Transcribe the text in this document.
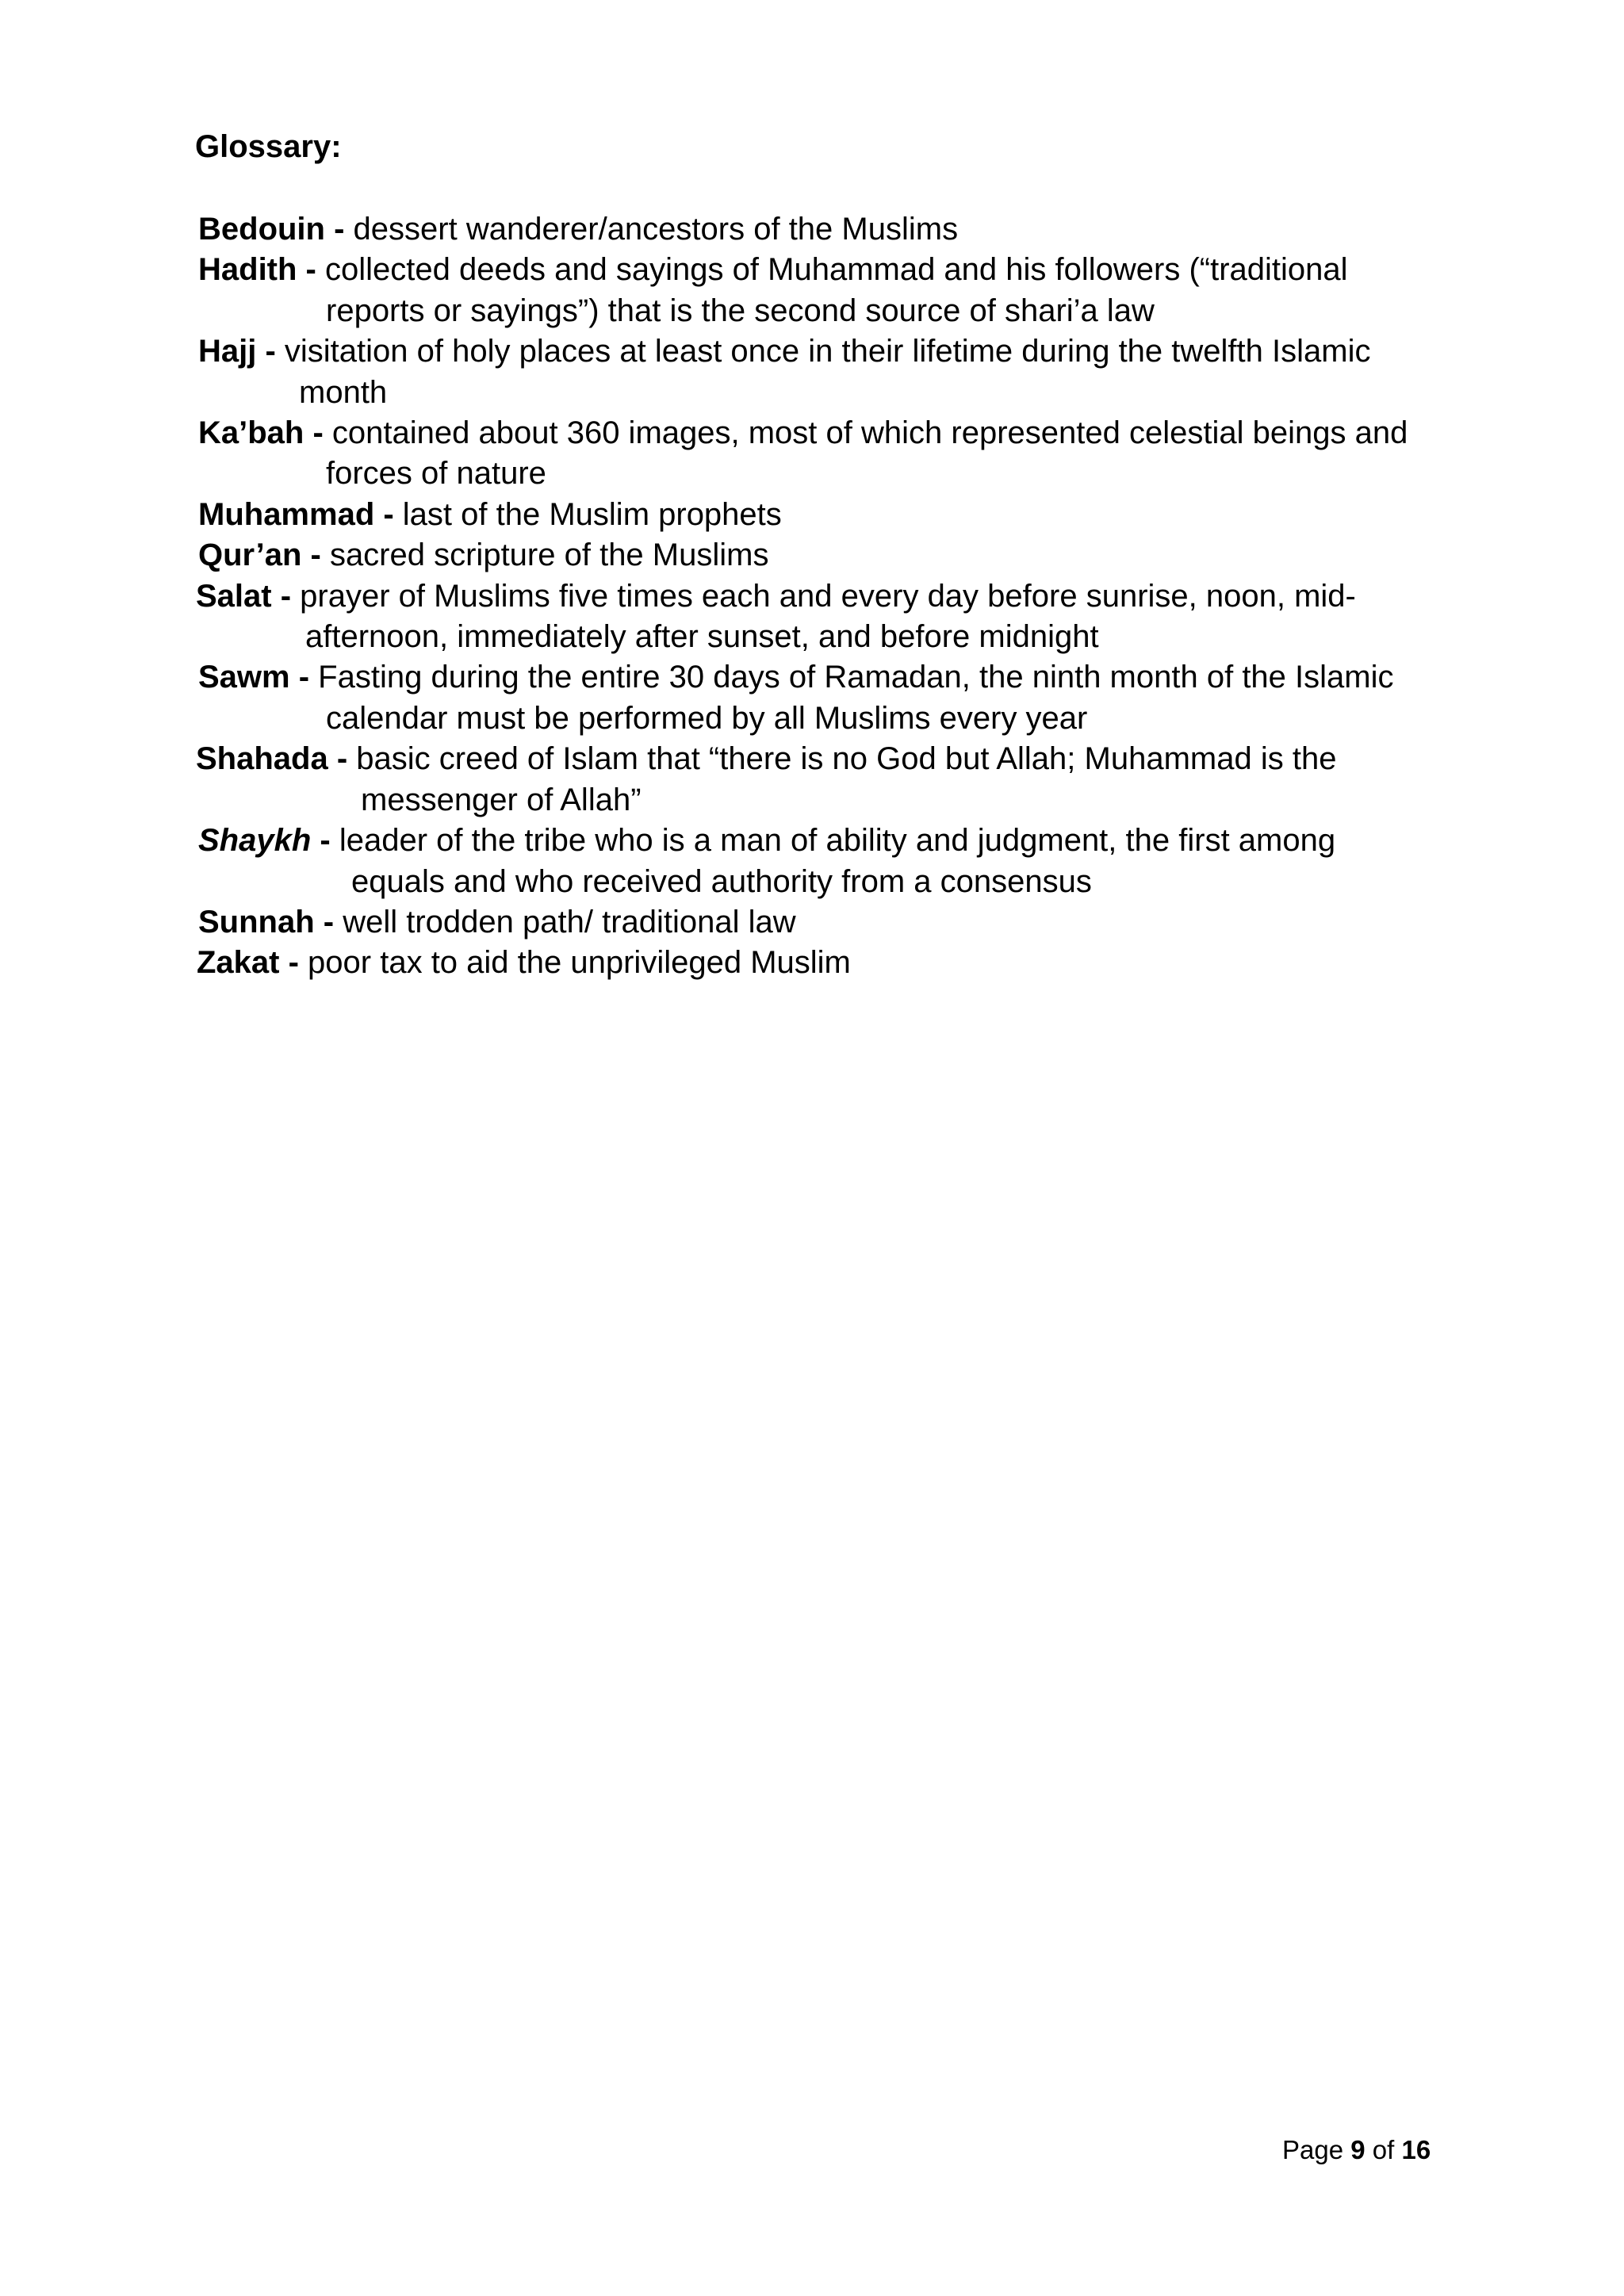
Glossary:
Bedouin - dessert wanderer/ancestors of the Muslims
Hadith - collected deeds and sayings of Muhammad and his followers (“traditional
reports or sayings”) that is the second source of shari’a law
Hajj - visitation of holy places at least once in their lifetime during the twelfth Islamic
month
Ka’bah - contained about 360 images, most of which represented celestial beings and
forces of nature
Muhammad - last of the Muslim prophets
Qur’an - sacred scripture of the Muslims
Salat - prayer of Muslims five times each and every day before sunrise, noon, mid-
afternoon, immediately after sunset, and before midnight
Sawm - Fasting during the entire 30 days of Ramadan, the ninth month of the Islamic
calendar must be performed by all Muslims every year
Shahada - basic creed of Islam that “there is no God but Allah; Muhammad is the
messenger of Allah”
Shaykh - leader of the tribe who is a man of ability and judgment, the first among
equals and who received authority from a consensus
Sunnah - well trodden path/ traditional law
Zakat - poor tax to aid the unprivileged Muslim
Page 9 of 16
